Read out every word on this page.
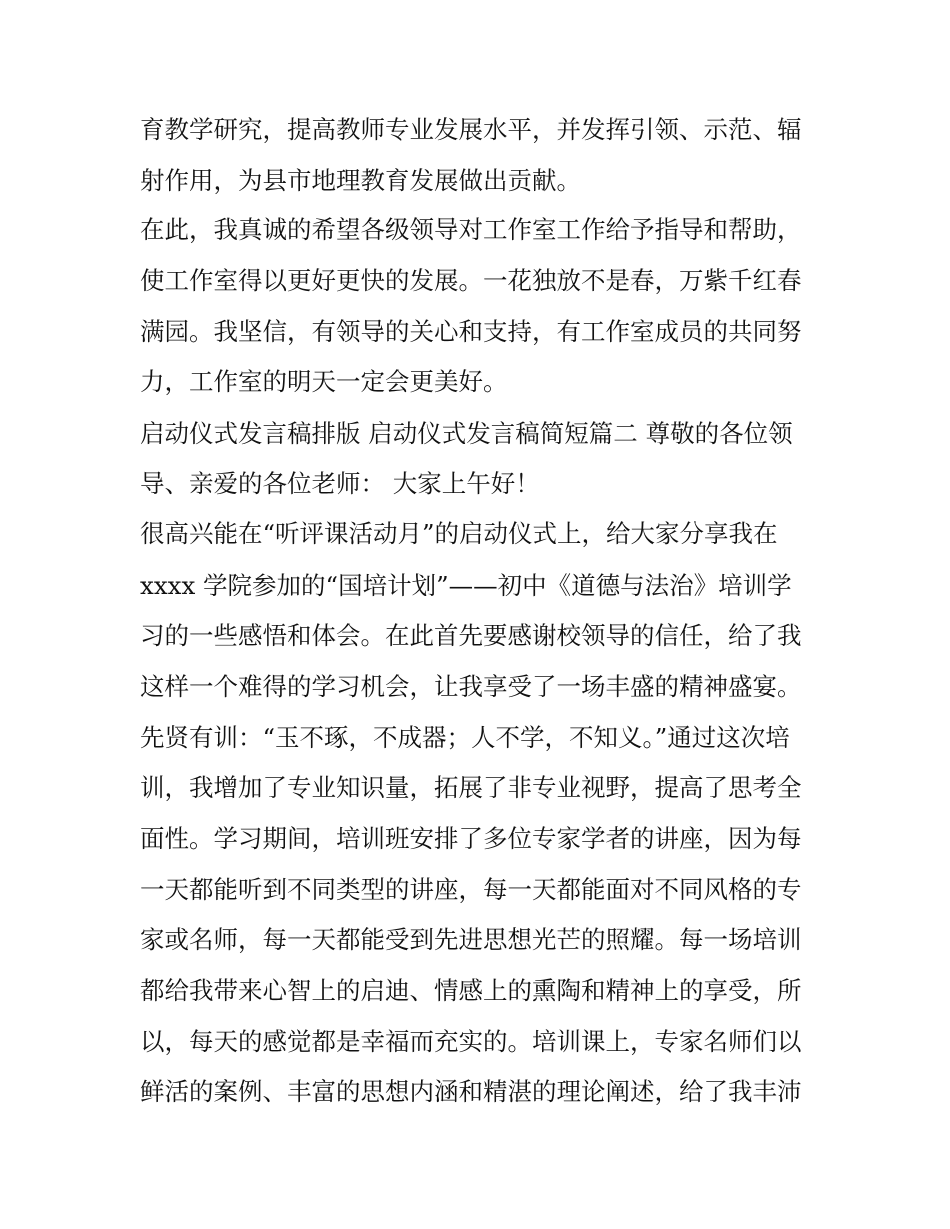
育教学研究，提高教师专业发展水平，并发挥引领、示范、辐
射作用，为县市地理教育发展做出贡献。
在此，我真诚的希望各级领导对工作室工作给予指导和帮助，
使工作室得以更好更快的发展。一花独放不是春，万紫千红春
满园。我坚信，有领导的关心和支持，有工作室成员的共同努
力，工作室的明天一定会更美好。
启动仪式发言稿排版 启动仪式发言稿简短篇二 尊敬的各位领
导、亲爱的各位老师： 大家上午好！
很高兴能在“听评课活动月”的启动仪式上，给大家分享我在
xxxx 学院参加的“国培计划”——初中《道德与法治》培训学
习的一些感悟和体会。在此首先要感谢校领导的信任，给了我
这样一个难得的学习机会，让我享受了一场丰盛的精神盛宴。
先贤有训：“玉不琢，不成器；人不学，不知义。”通过这次培
训，我增加了专业知识量，拓展了非专业视野，提高了思考全
面性。学习期间，培训班安排了多位专家学者的讲座，因为每
一天都能听到不同类型的讲座，每一天都能面对不同风格的专
家或名师，每一天都能受到先进思想光芒的照耀。每一场培训
都给我带来心智上的启迪、情感上的熏陶和精神上的享受，所
以，每天的感觉都是幸福而充实的。培训课上，专家名师们以
鲜活的案例、丰富的思想内涵和精湛的理论阐述，给了我丰沛
